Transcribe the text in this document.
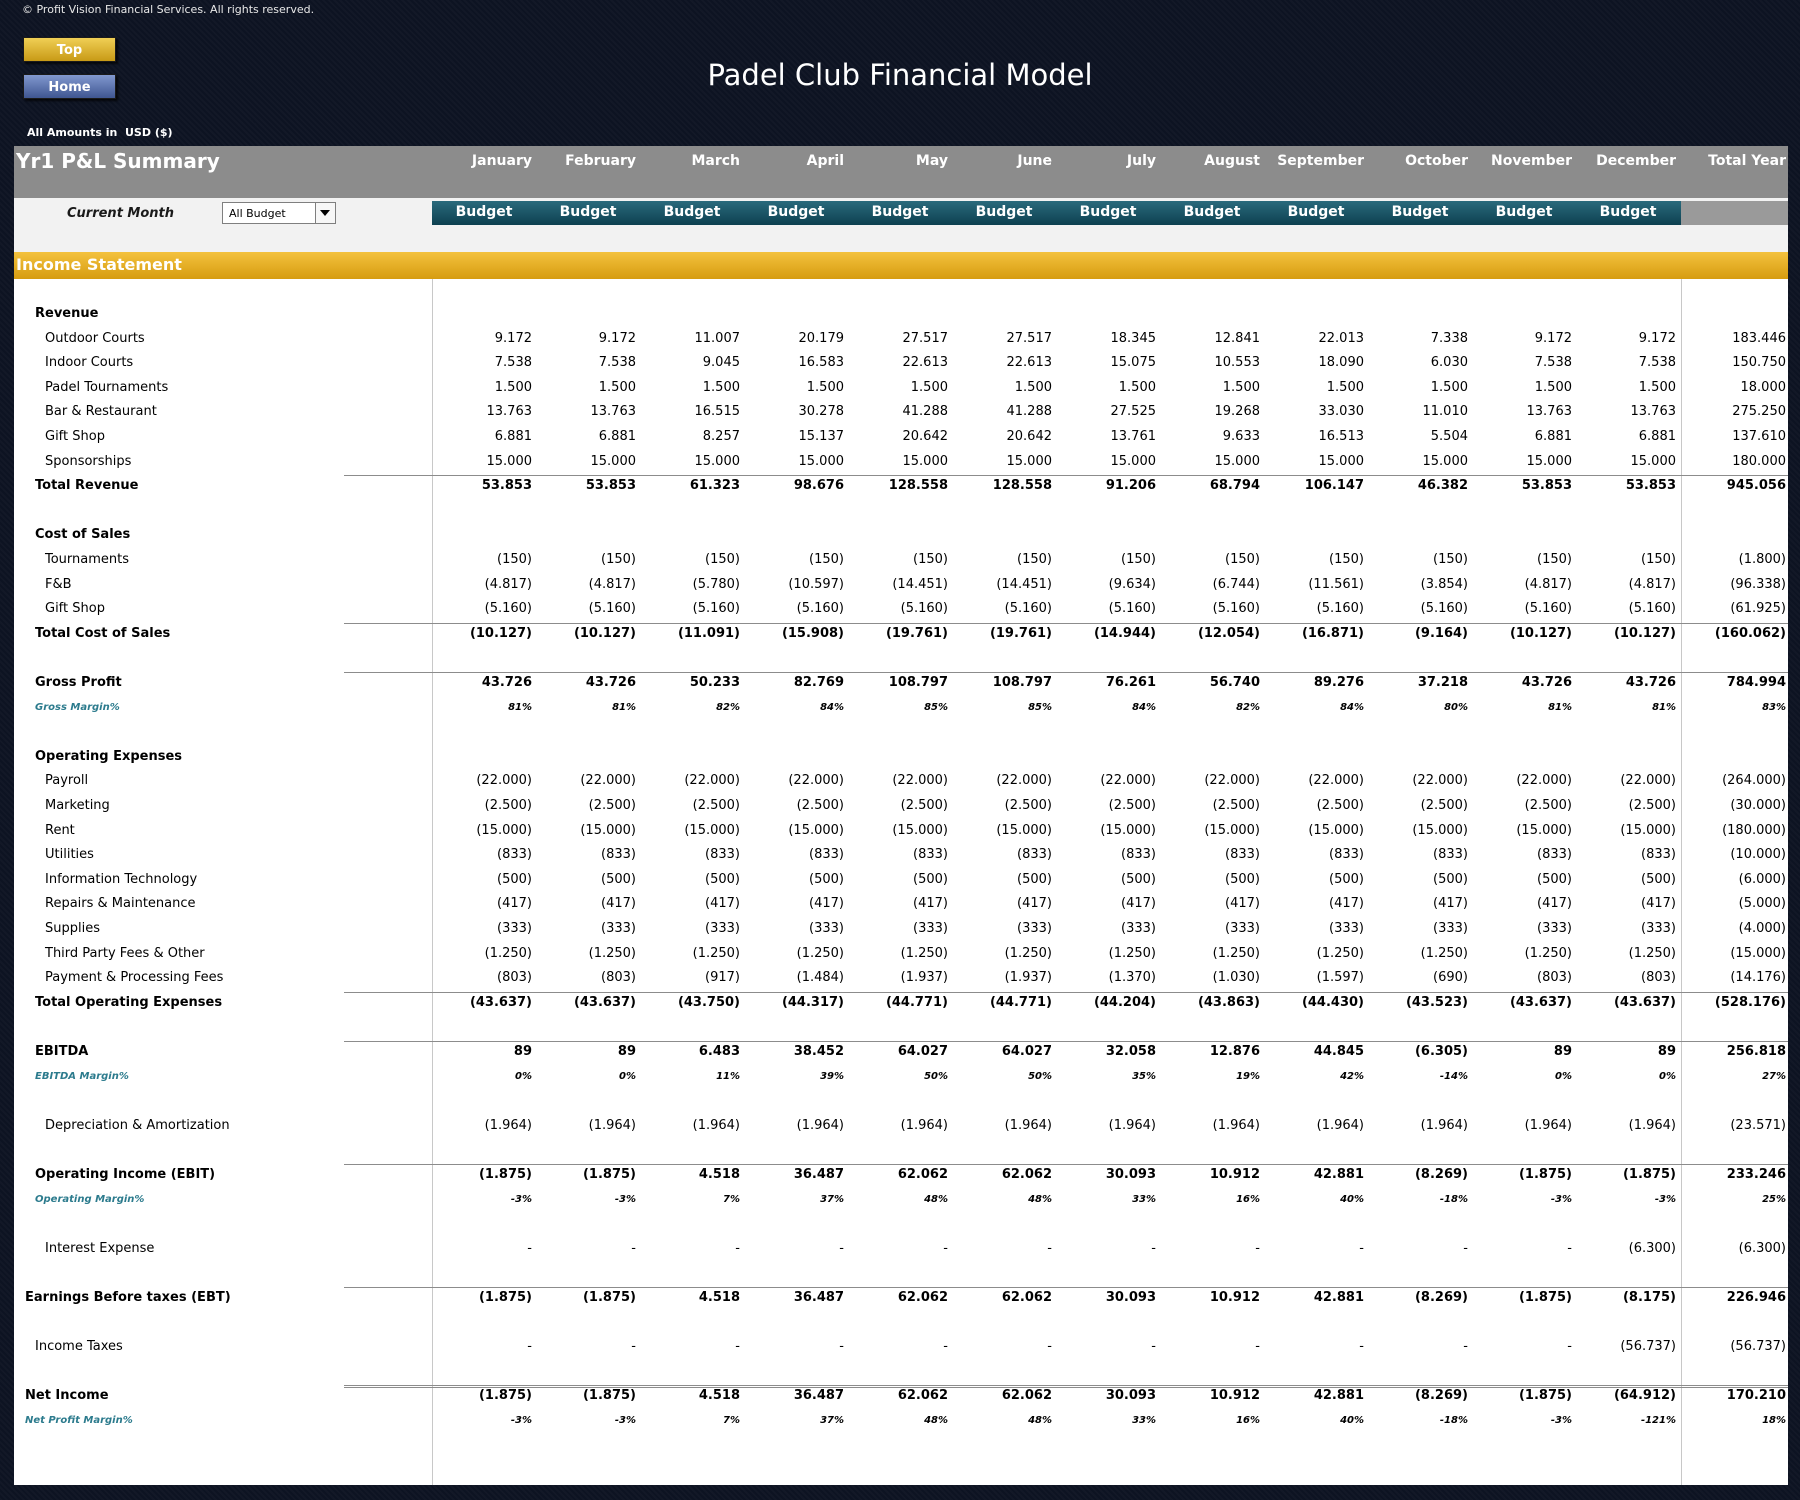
© Profit Vision Financial Services. All rights reserved.
Top
Home	Padel Club Financial Model
All Amounts in USD ($)
Yr1 P&L Summary
Current Month	All Budget
Income Statement
January	February	March	April	May	June	July	August	September	October	November	December	Total Year
Budget	Budget	Budget	Budget	Budget	Budget	Budget	Budget	Budget	Budget	Budget	Budget
Revenue
Outdoor Courts	9.172	9.172	11.007	20.179	27.517	27.517	18.345	12.841	22.013	7.338	9.172	9.172	183.446
Indoor Courts	7.538	7.538	9.045	16.583	22.613	22.613	15.075	10.553	18.090	6.030	7.538	7.538	150.750
Padel Tournaments	1.500	1.500	1.500	1.500	1.500	1.500	1.500	1.500	1.500	1.500	1.500	1.500	18.000
Bar & Restaurant	13.763	13.763	16.515	30.278	41.288	41.288	27.525	19.268	33.030	11.010	13.763	13.763	275.250
Gift Shop	6.881	6.881	8.257	15.137	20.642	20.642	13.761	9.633	16.513	5.504	6.881	6.881	137.610
Sponsorships	15.000	15.000	15.000	15.000	15.000	15.000	15.000	15.000	15.000	15.000	15.000	15.000	180.000
Total Revenue	53.853	53.853	61.323	98.676	128.558	128.558	91.206	68.794	106.147	46.382	53.853	53.853	945.056
Cost of Sales
Tournaments	(150)	(150)	(150)	(150)	(150)	(150)	(150)	(150)	(150)	(150)	(150)	(150)	(1.800)
F&B	(4.817)	(4.817)	(5.780)	(10.597)	(14.451)	(14.451)	(9.634)	(6.744)	(11.561)	(3.854)	(4.817)	(4.817)	(96.338)
Gift Shop	(5.160)	(5.160)	(5.160)	(5.160)	(5.160)	(5.160)	(5.160)	(5.160)	(5.160)	(5.160)	(5.160)	(5.160)	(61.925)
Total Cost of Sales	(10.127)	(10.127)	(11.091)	(15.908)	(19.761)	(19.761)	(14.944)	(12.054)	(16.871)	(9.164)	(10.127)	(10.127)	(160.062)
Gross Profit	43.726	43.726	50.233	82.769	108.797	108.797	76.261	56.740	89.276	37.218	43.726	43.726	784.994
Gross Margin%	81%	81%	82%	84%	85%	85%	84%	82%	84%	80%	81%	81%	83%
Operating Expenses
Payroll	(22.000)	(22.000)	(22.000)	(22.000)	(22.000)	(22.000)	(22.000)	(22.000)	(22.000)	(22.000)	(22.000)	(22.000)	(264.000)
Marketing	(2.500)	(2.500)	(2.500)	(2.500)	(2.500)	(2.500)	(2.500)	(2.500)	(2.500)	(2.500)	(2.500)	(2.500)	(30.000)
Rent	(15.000)	(15.000)	(15.000)	(15.000)	(15.000)	(15.000)	(15.000)	(15.000)	(15.000)	(15.000)	(15.000)	(15.000)	(180.000)
Utilities	(833)	(833)	(833)	(833)	(833)	(833)	(833)	(833)	(833)	(833)	(833)	(833)	(10.000)
Information Technology	(500)	(500)	(500)	(500)	(500)	(500)	(500)	(500)	(500)	(500)	(500)	(500)	(6.000)
Repairs & Maintenance	(417)	(417)	(417)	(417)	(417)	(417)	(417)	(417)	(417)	(417)	(417)	(417)	(5.000)
Supplies	(333)	(333)	(333)	(333)	(333)	(333)	(333)	(333)	(333)	(333)	(333)	(333)	(4.000)
Third Party Fees & Other	(1.250)	(1.250)	(1.250)	(1.250)	(1.250)	(1.250)	(1.250)	(1.250)	(1.250)	(1.250)	(1.250)	(1.250)	(15.000)
Payment & Processing Fees	(803)	(803)	(917)	(1.484)	(1.937)	(1.937)	(1.370)	(1.030)	(1.597)	(690)	(803)	(803)	(14.176)
Total Operating Expenses	(43.637)	(43.637)	(43.750)	(44.317)	(44.771)	(44.771)	(44.204)	(43.863)	(44.430)	(43.523)	(43.637)	(43.637)	(528.176)
EBITDA	89	89	6.483	38.452	64.027	64.027	32.058	12.876	44.845	(6.305)	89	89	256.818
EBITDA Margin%	0%	0%	11%	39%	50%	50%	35%	19%	42%	-14%	0%	0%	27%
Depreciation & Amortization	(1.964)	(1.964)	(1.964)	(1.964)	(1.964)	(1.964)	(1.964)	(1.964)	(1.964)	(1.964)	(1.964)	(1.964)	(23.571)
Operating Income (EBIT)	(1.875)	(1.875)	4.518	36.487	62.062	62.062	30.093	10.912	42.881	(8.269)	(1.875)	(1.875)	233.246
Operating Margin%	-3%	-3%	7%	37%	48%	48%	33%	16%	40%	-18%	-3%	-3%	25%
Interest Expense	-	-	-	-	-	-	-	-	-	-	-	(6.300)	(6.300)
Earnings Before taxes (EBT)	(1.875)	(1.875)	4.518	36.487	62.062	62.062	30.093	10.912	42.881	(8.269)	(1.875)	(8.175)	226.946
Income Taxes	-	-	-	-	-	-	-	-	-	-	-	(56.737)	(56.737)
Net Income	(1.875)	(1.875)	4.518	36.487	62.062	62.062	30.093	10.912	42.881	(8.269)	(1.875)	(64.912)	170.210
Net Profit Margin%	-3%	-3%	7%	37%	48%	48%	33%	16%	40%	-18%	-3%	-121%	18%
